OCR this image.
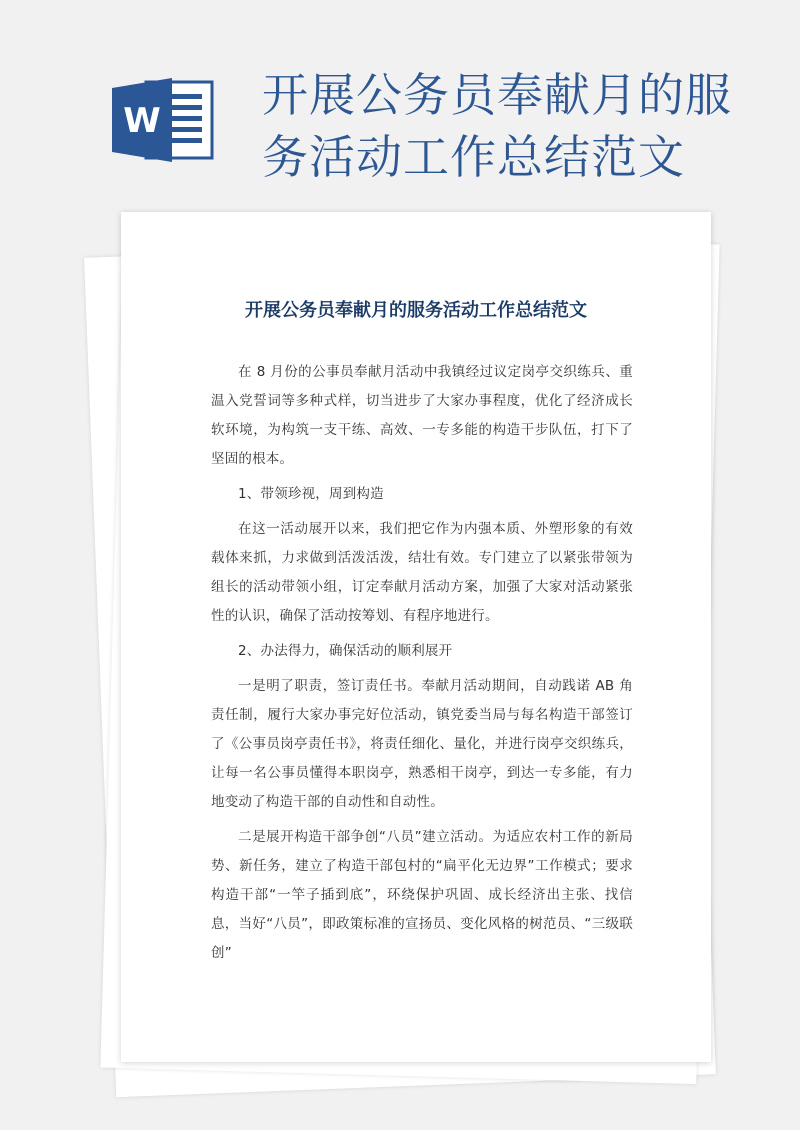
W 开展公务员奉献月的服务活动工作总结范文
开展公务员奉献月的服务活动工作总结范文

在 8 月份的公事员奉献月活动中我镇经过议定岗亭交织练兵、重温入党誓词等多种式样，切当进步了大家办事程度，优化了经济成长软环境，为构筑一支干练、高效、一专多能的构造干步队伍，打下了坚固的根本。

1、带领珍视，周到构造

在这一活动展开以来，我们把它作为内强本质、外塑形象的有效载体来抓，力求做到活泼活泼，结壮有效。专门建立了以紧张带领为组长的活动带领小组，订定奉献月活动方案，加强了大家对活动紧张性的认识，确保了活动按筹划、有程序地进行。

2、办法得力，确保活动的顺利展开

一是明了职责，签订责任书。奉献月活动期间，自动践诺 AB 角责任制，履行大家办事完好位活动，镇党委当局与每名构造干部签订了《公事员岗亭责任书》，将责任细化、量化，并进行岗亭交织练兵，让每一名公事员懂得本职岗亭，熟悉相干岗亭，到达一专多能，有力地变动了构造干部的自动性和自动性。

二是展开构造干部争创“八员”建立活动。为适应农村工作的新局势、新任务，建立了构造干部包村的“扁平化无边界”工作模式；要求构造干部“一竿子插到底”，环绕保护巩固、成长经济出主张、找信息，当好“八员”，即政策标准的宣扬员、变化风格的树范员、“三级联创”
